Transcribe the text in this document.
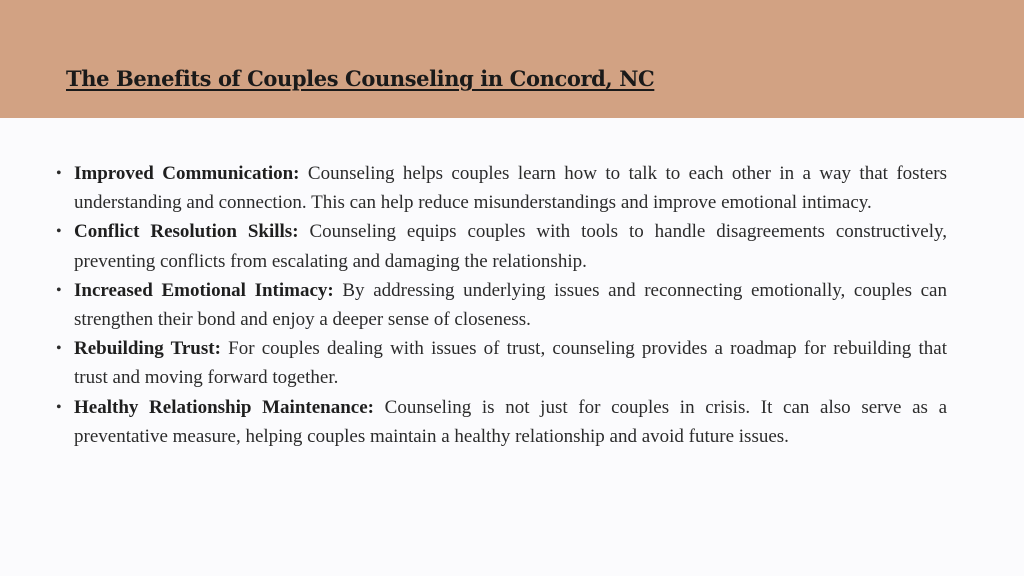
The Benefits of Couples Counseling in Concord, NC
• Improved Communication: Counseling helps couples learn how to talk to each other in a way that fosters understanding and connection. This can help reduce misunderstandings and improve emotional intimacy.
• Conflict Resolution Skills: Counseling equips couples with tools to handle disagreements constructively, preventing conflicts from escalating and damaging the relationship.
• Increased Emotional Intimacy: By addressing underlying issues and reconnecting emotionally, couples can strengthen their bond and enjoy a deeper sense of closeness.
• Rebuilding Trust: For couples dealing with issues of trust, counseling provides a roadmap for rebuilding that trust and moving forward together.
• Healthy Relationship Maintenance: Counseling is not just for couples in crisis. It can also serve as a preventative measure, helping couples maintain a healthy relationship and avoid future issues.
